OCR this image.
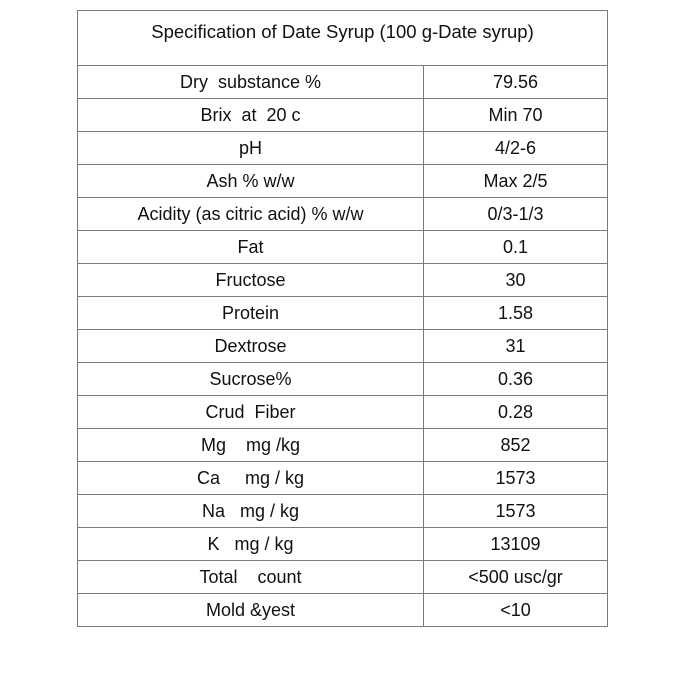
Specification of Date Syrup (100 g-Date syrup)	
Dry  substance %	79.56
Brix  at  20 c	Min 70
pH	4/2-6
Ash % w/w	Max 2/5
Acidity (as citric acid) % w/w	0/3-1/3
Fat	0.1
Fructose	30
Protein	1.58
Dextrose	31
Sucrose%	0.36
Crud  Fiber	0.28
Mg    mg /kg	852
Ca     mg / kg	1573
Na   mg / kg	1573
K   mg / kg	13109
Total    count	<500 usc/gr
Mold &yest	<10
